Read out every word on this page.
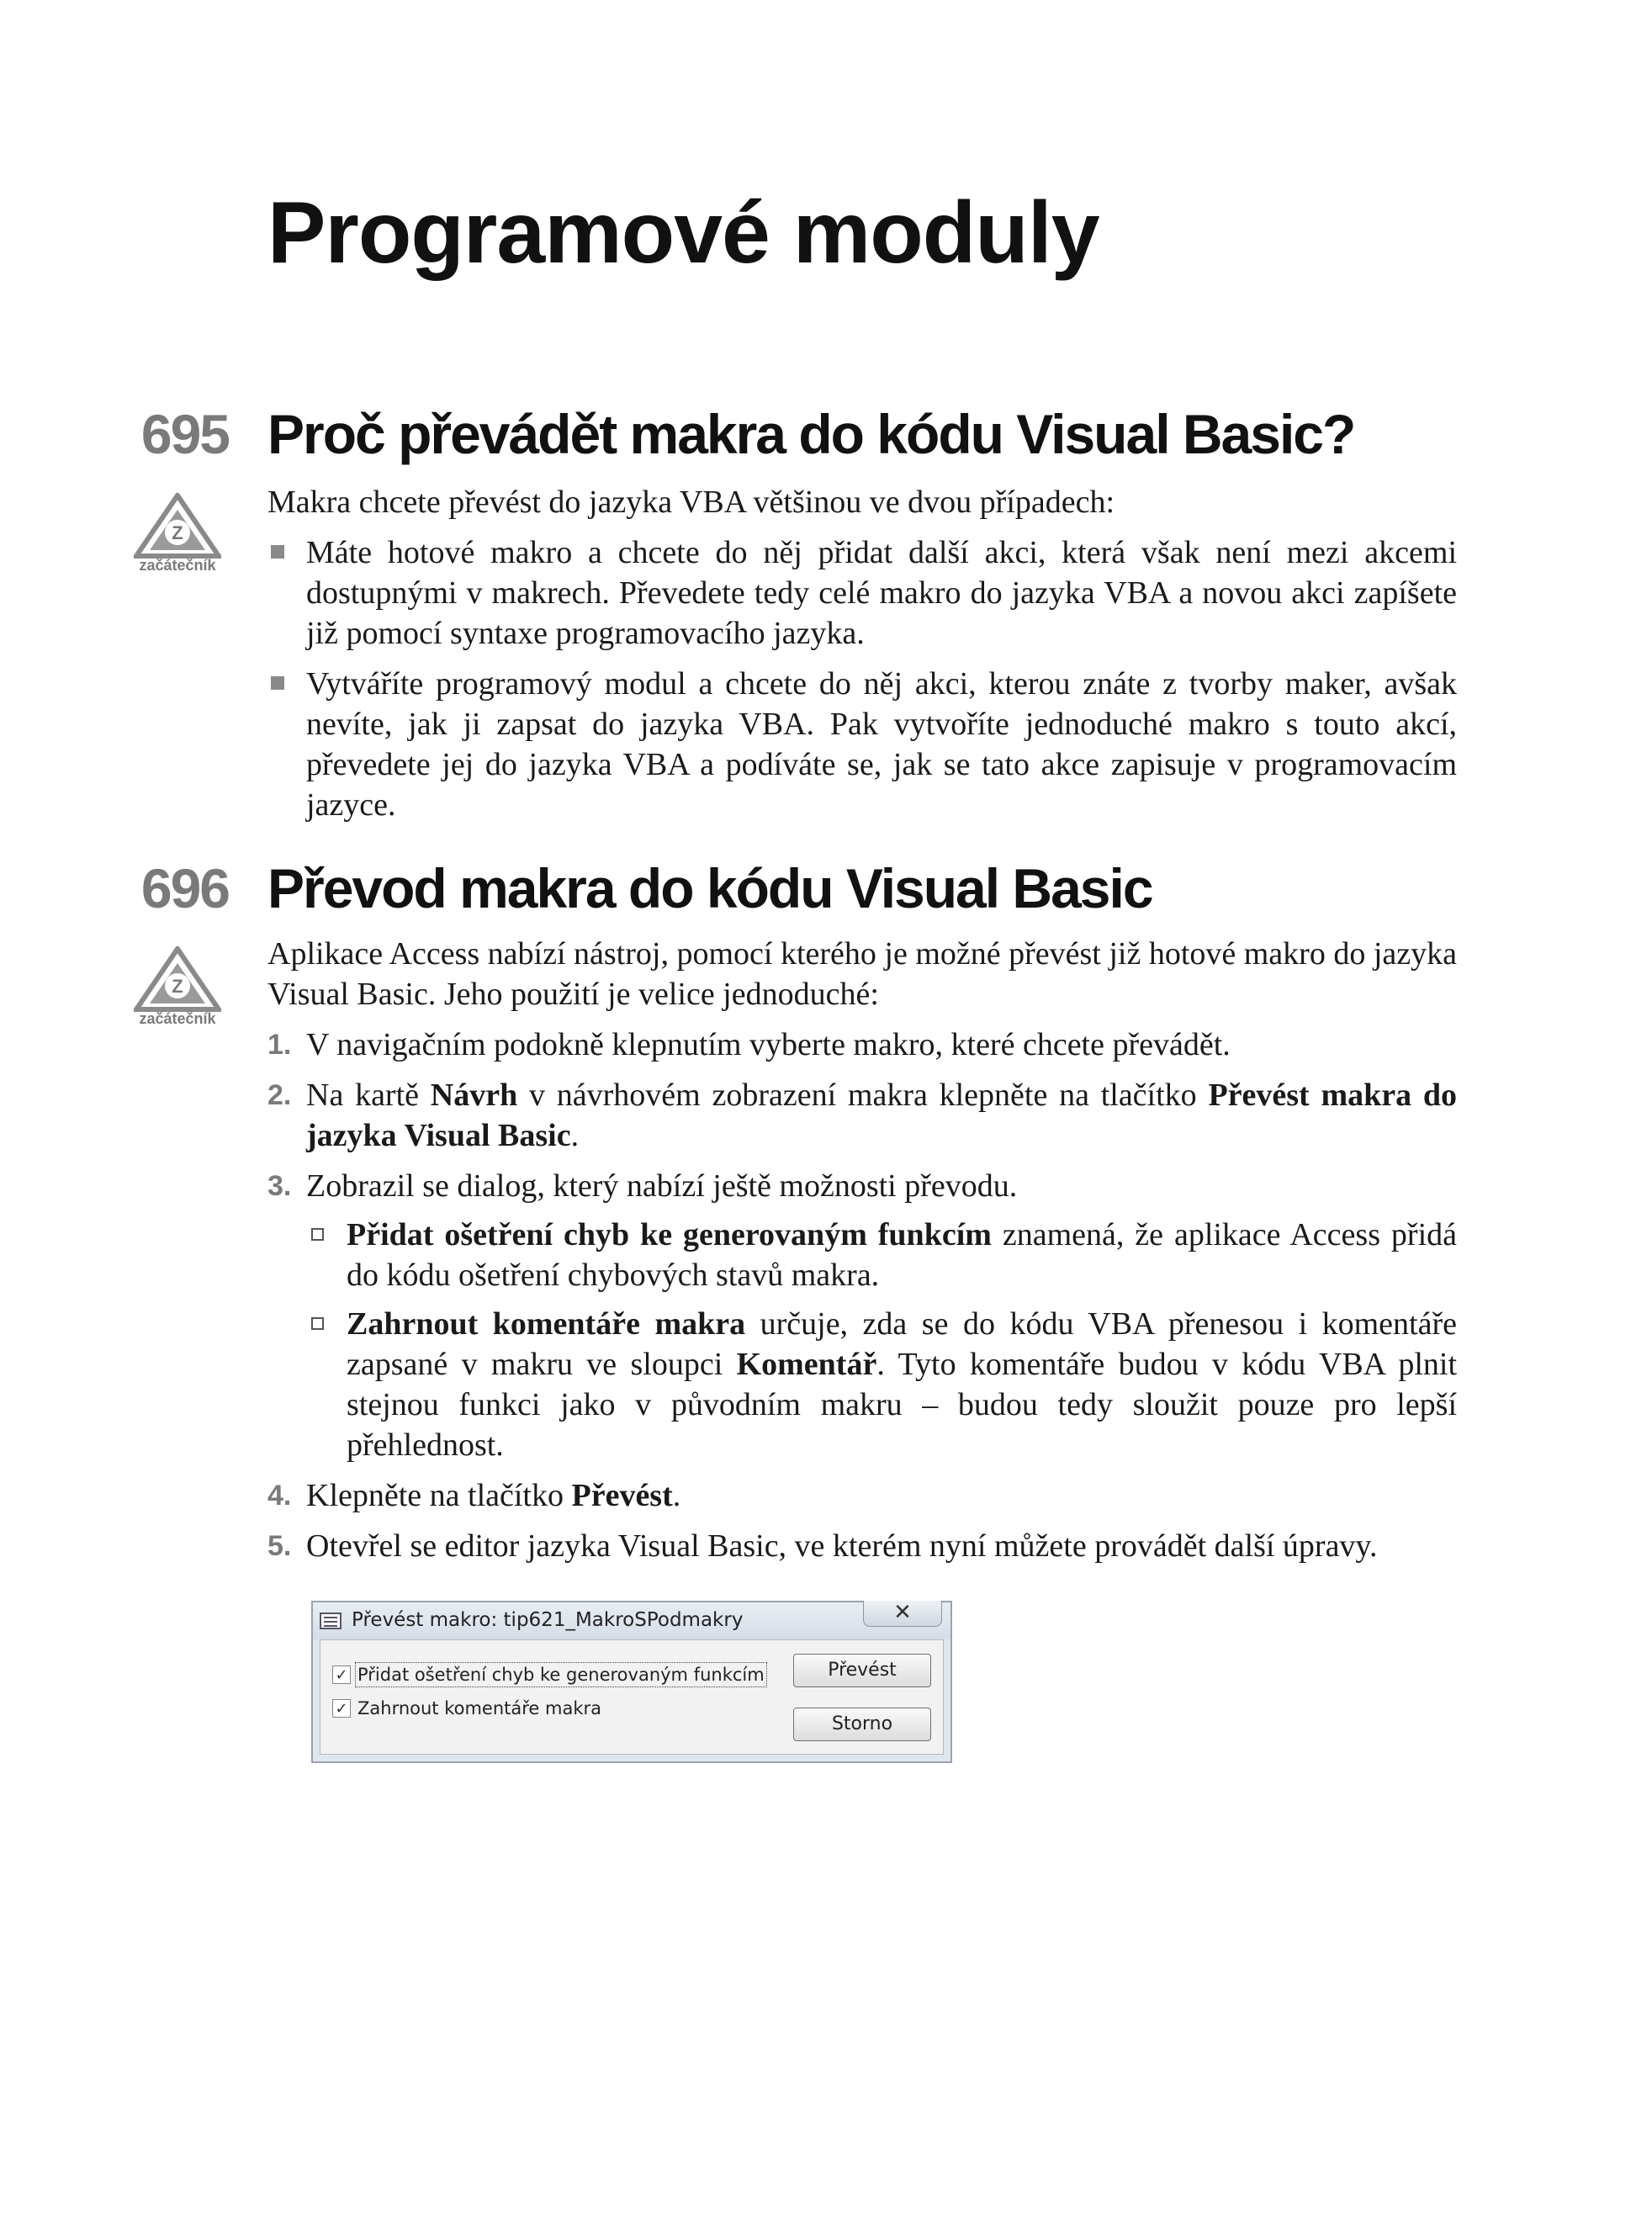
Programové moduly
695 Proč převádět makra do kódu Visual Basic?
Z
začátečník

Makra chcete převést do jazyka VBA většinou ve dvou případech:

Máte hotové makro a chcete do něj přidat další akci, která však není mezi akcemi dostupnými v makrech. Převedete tedy celé makro do jazyka VBA a novou akci zapíšete již pomocí syntaxe programovacího jazyka.
Vytváříte programový modul a chcete do něj akci, kterou znáte z tvorby maker, avšak nevíte, jak ji zapsat do jazyka VBA. Pak vytvoříte jednoduché makro s touto akcí, převedete jej do jazyka VBA a podíváte se, jak se tato akce zapisuje v programovacím jazyce.
696 Převod makra do kódu Visual Basic
Z
začátečník

Aplikace Access nabízí nástroj, pomocí kterého je možné převést již hotové makro do jazyka Visual Basic. Jeho použití je velice jednoduché:

1. V navigačním podokně klepnutím vyberte makro, které chcete převádět.
2. Na kartě Návrh v návrhovém zobrazení makra klepněte na tlačítko Převést makra do jazyka Visual Basic.
3. Zobrazil se dialog, který nabízí ještě možnosti převodu.
Přidat ošetření chyb ke generovaným funkcím znamená, že aplikace Access přidá do kódu ošetření chybových stavů makra.
Zahrnout komentáře makra určuje, zda se do kódu VBA přenesou i komentáře zapsané v makru ve sloupci Komentář. Tyto komentáře budou v kódu VBA plnit stejnou funkci jako v původním makru – budou tedy sloužit pouze pro lepší přehlednost.
4. Klepněte na tlačítko Převést.
5. Otevřel se editor jazyka Visual Basic, ve kterém nyní můžete provádět další úpravy.
Převést makro: tip621_MakroSPodmakry	✕
✓ Přidat ošetření chyb ke generovaným funkcím
✓ Zahrnout komentáře makra
Převést
Storno
